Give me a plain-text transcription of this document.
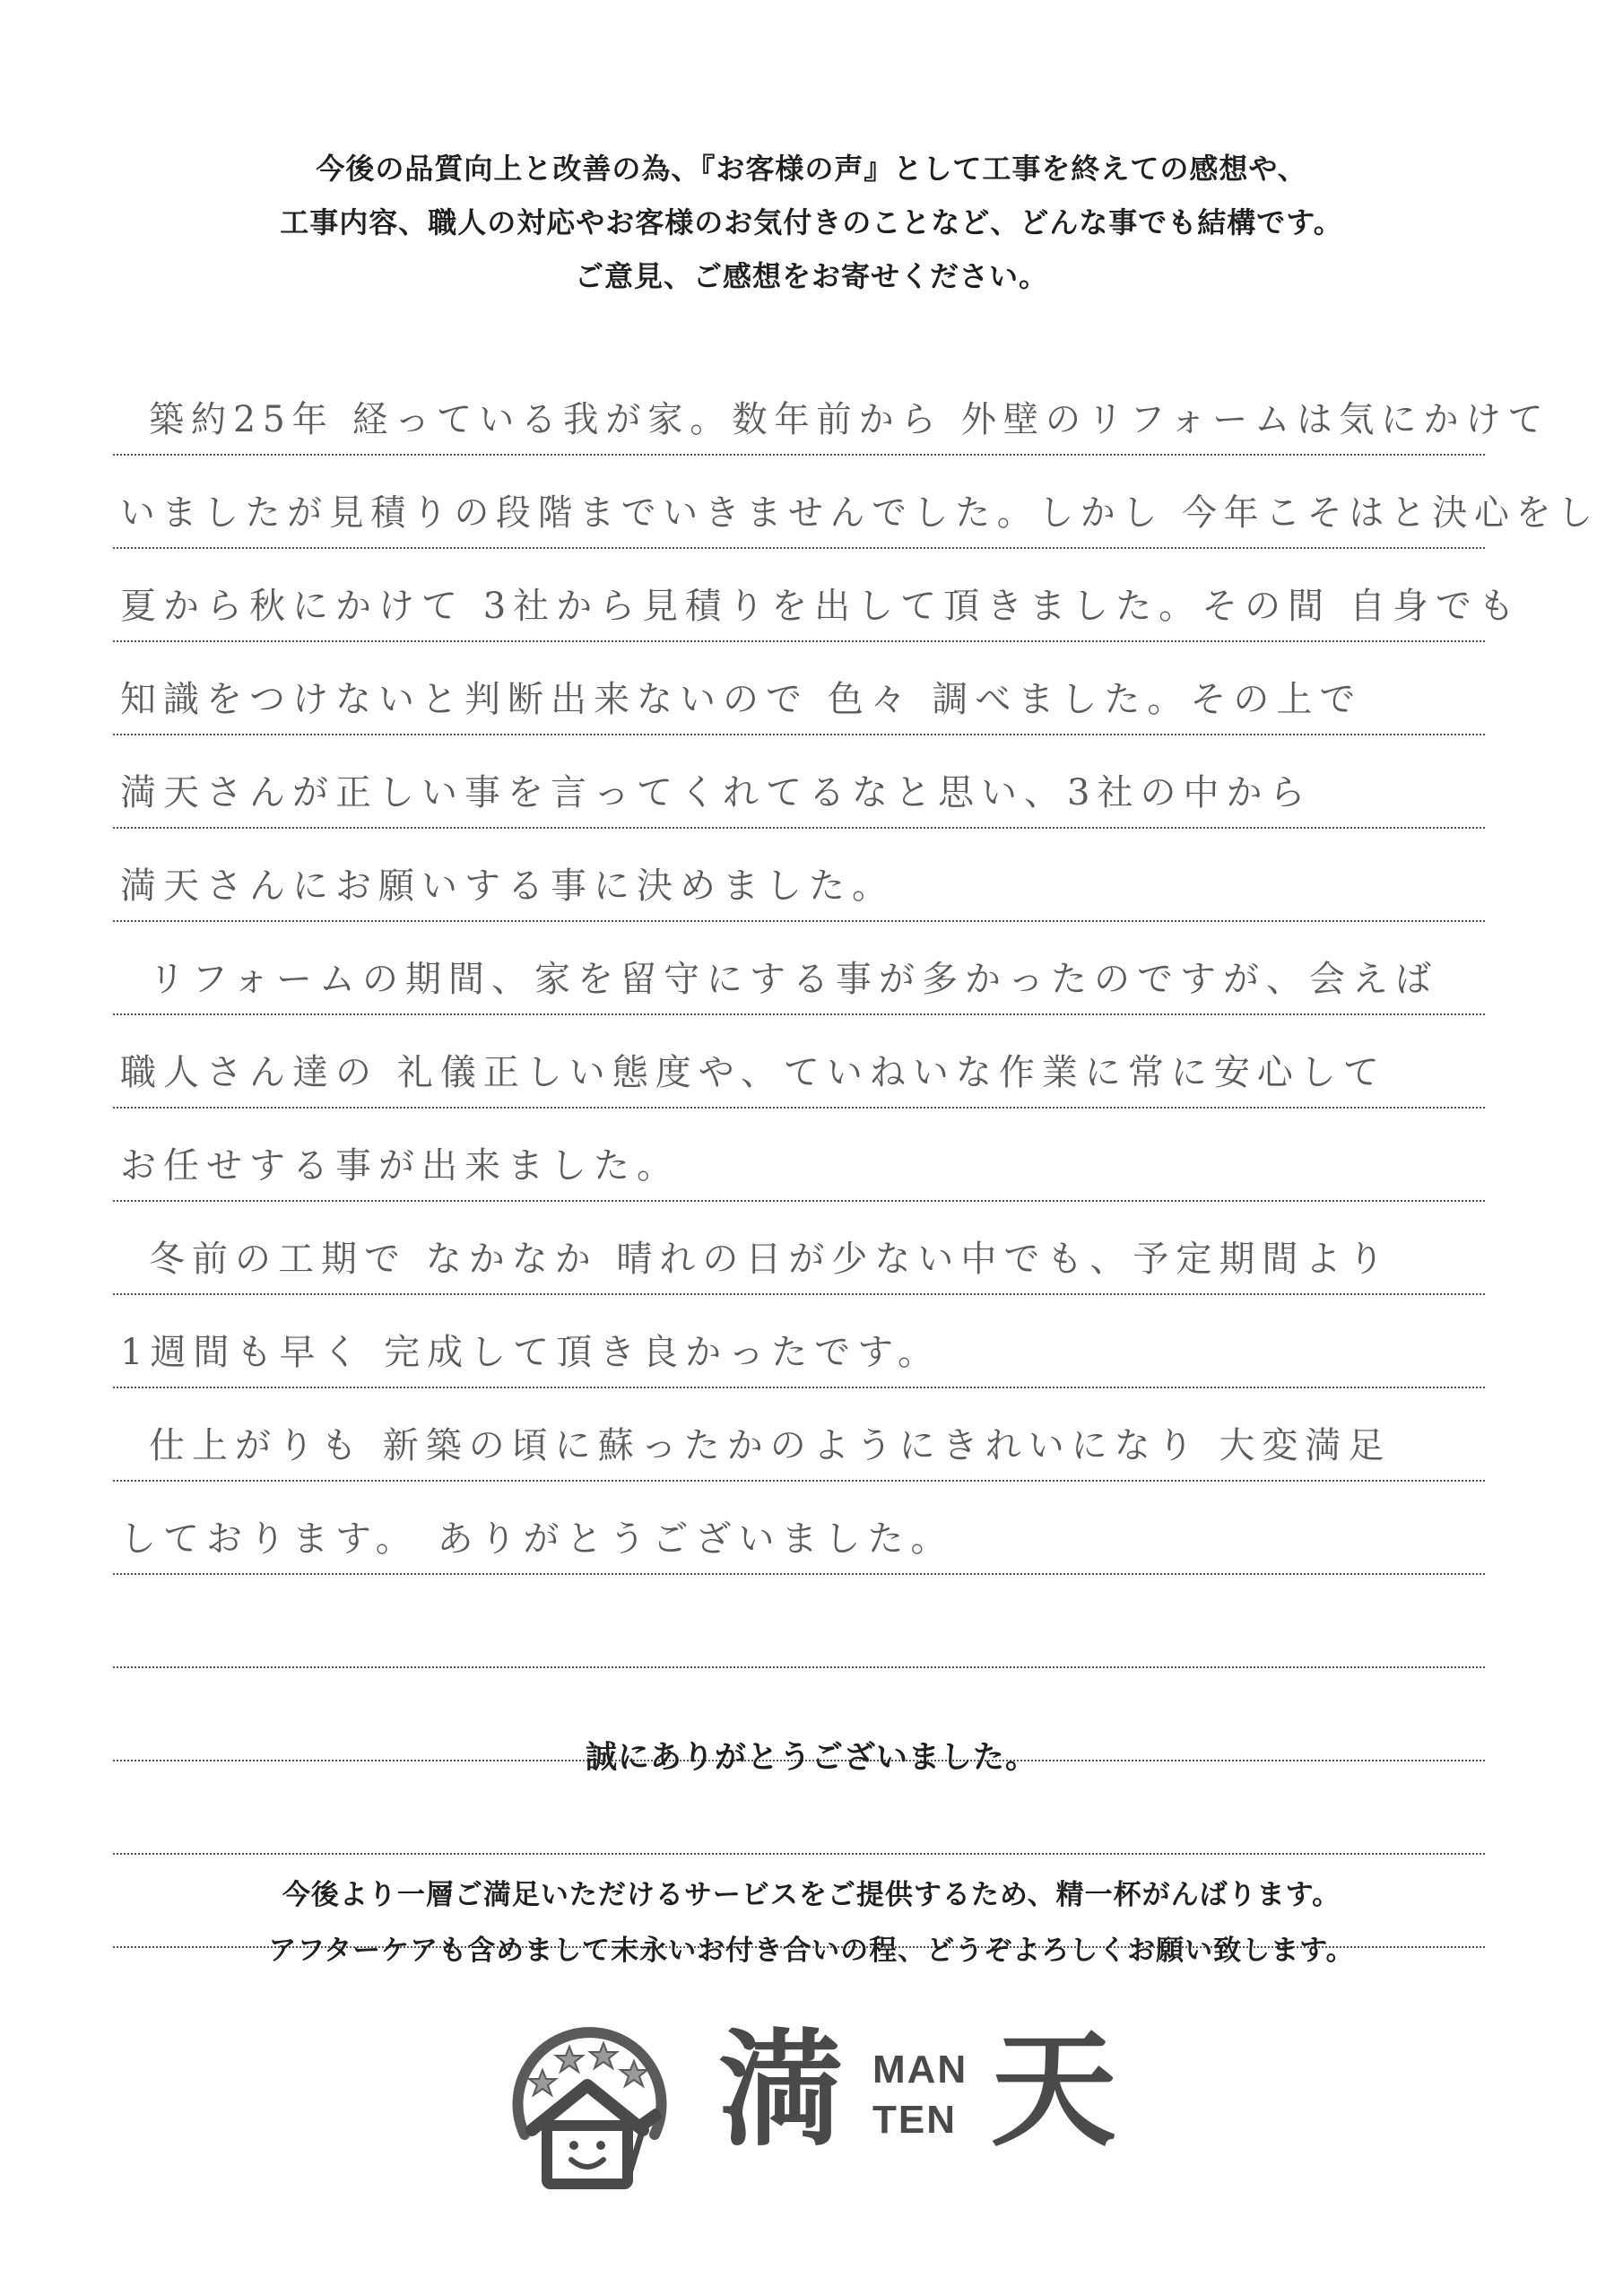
今後の品質向上と改善の為、『お客様の声』として工事を終えての感想や、
工事内容、職人の対応やお客様のお気付きのことなど、どんな事でも結構です。
ご意見、ご感想をお寄せください。
築約25年 経っている我が家。数年前から 外壁のリフォームは気にかけて
いましたが見積りの段階までいきませんでした。しかし 今年こそはと決心をし
夏から秋にかけて 3社から見積りを出して頂きました。その間 自身でも
知識をつけないと判断出来ないので 色々 調べました。その上で
満天さんが正しい事を言ってくれてるなと思い、3社の中から
満天さんにお願いする事に決めました。
リフォームの期間、家を留守にする事が多かったのですが、会えば
職人さん達の 礼儀正しい態度や、ていねいな作業に常に安心して
お任せする事が出来ました。
冬前の工期で なかなか 晴れの日が少ない中でも、予定期間より
1週間も早く 完成して頂き良かったです。
仕上がりも 新築の頃に蘇ったかのようにきれいになり 大変満足
しております。 ありがとうございました。
誠にありがとうございました。
今後より一層ご満足いただけるサービスをご提供するため、精一杯がんばります。
アフターケアも含めまして末永いお付き合いの程、どうぞよろしくお願い致します。
満 MAN
TEN 天
